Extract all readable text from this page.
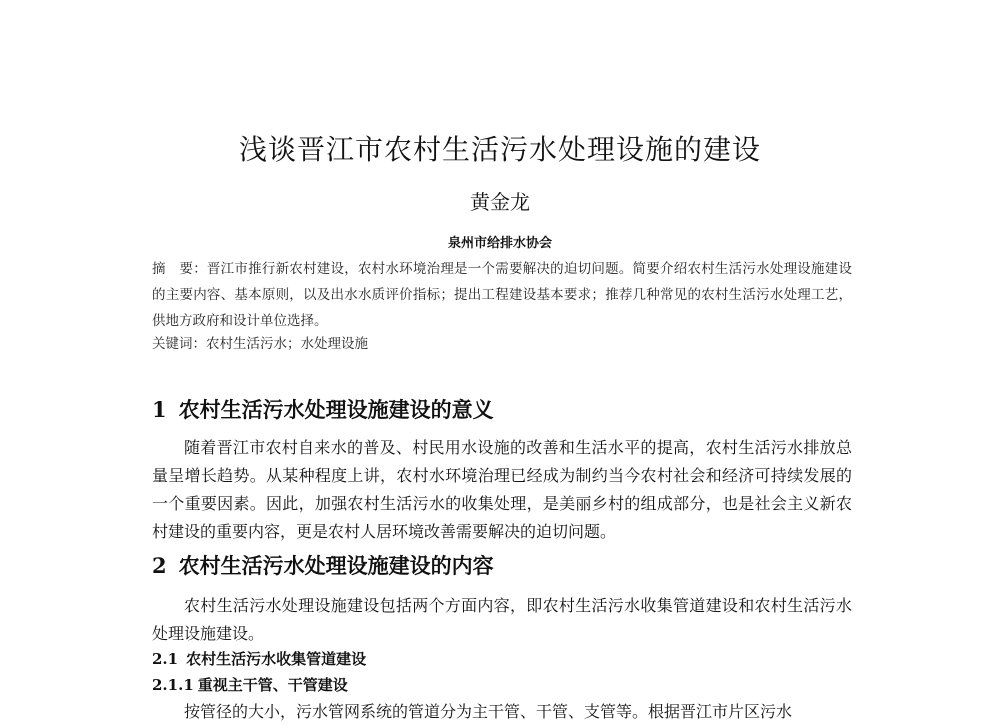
浅谈晋江市农村生活污水处理设施的建设
黄金龙
泉州市给排水协会

摘　要：晋江市推行新农村建设，农村水环境治理是一个需要解决的迫切问题。简要介绍农村生活污水处理设施建设的主要内容、基本原则，以及出水水质评价指标；提出工程建设基本要求；推荐几种常见的农村生活污水处理工艺，供地方政府和设计单位选择。

关键词：农村生活污水；水处理设施

1 农村生活污水处理设施建设的意义

随着晋江市农村自来水的普及、村民用水设施的改善和生活水平的提高，农村生活污水排放总量呈增长趋势。从某种程度上讲，农村水环境治理已经成为制约当今农村社会和经济可持续发展的一个重要因素。因此，加强农村生活污水的收集处理，是美丽乡村的组成部分，也是社会主义新农村建设的重要内容，更是农村人居环境改善需要解决的迫切问题。

2 农村生活污水处理设施建设的内容

农村生活污水处理设施建设包括两个方面内容，即农村生活污水收集管道建设和农村生活污水处理设施建设。

2.1 农村生活污水收集管道建设
2.1.1 重视主干管、干管建设

按管径的大小，污水管网系统的管道分为主干管、干管、支管等。根据晋江市片区污水
